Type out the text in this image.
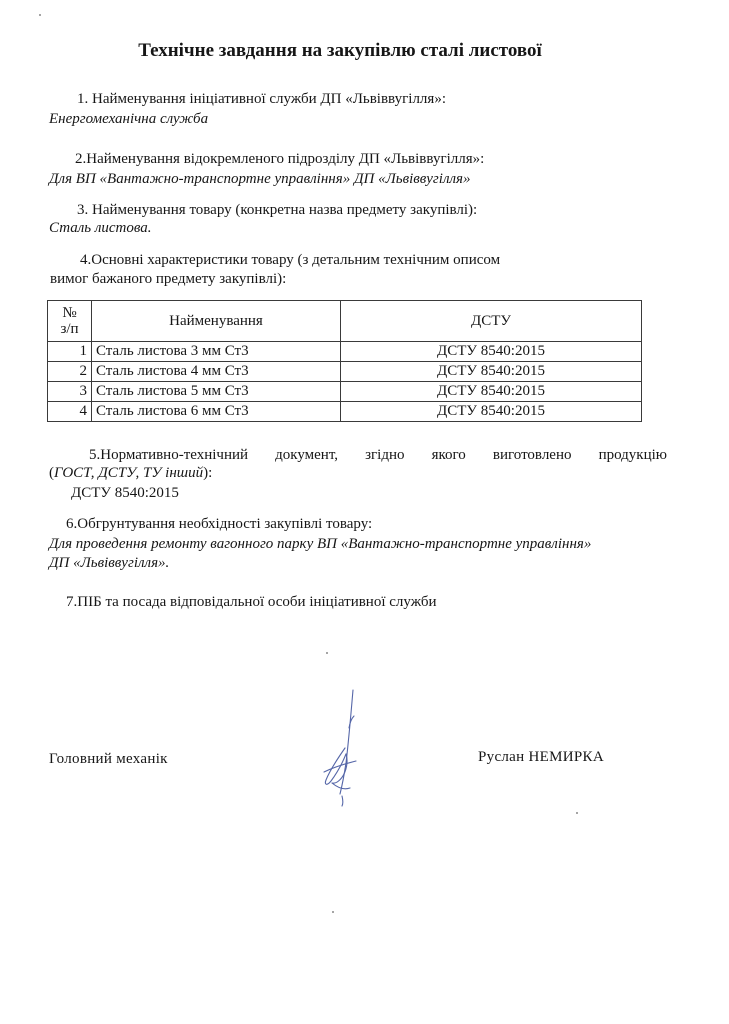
Технічне завдання на закупівлю сталі листової
1. Найменування ініціативної служби ДП «Львіввугілля»:
Енергомеханічна служба
2.Найменування відокремленого підрозділу ДП «Львіввугілля»:
Для ВП «Вантажно-транспортне управління» ДП «Львіввугілля»
3. Найменування товару (конкретна назва предмету закупівлі):
Сталь листова.
4.Основні характеристики товару (з детальним технічним описом
вимог бажаного предмету закупівлі):
№
з/п	Найменування	ДСТУ
1	Сталь листова 3 мм Ст3	ДСТУ 8540:2015
2	Сталь листова 4 мм Ст3	ДСТУ 8540:2015
3	Сталь листова 5 мм Ст3	ДСТУ 8540:2015
4	Сталь листова 6 мм Ст3	ДСТУ 8540:2015
5.Нормативно-технічний документ, згідно якого виготовлено продукцію
(ГОСТ, ДСТУ, ТУ інший):
ДСТУ 8540:2015
6.Обгрунтування необхідності закупівлі товару:
Для проведення ремонту вагонного парку ВП «Вантажно-транспортне управління»
ДП «Львіввугілля».
7.ПІБ та посада відповідальної особи ініціативної служби
Головний механік	Руслан НЕМИРКА
